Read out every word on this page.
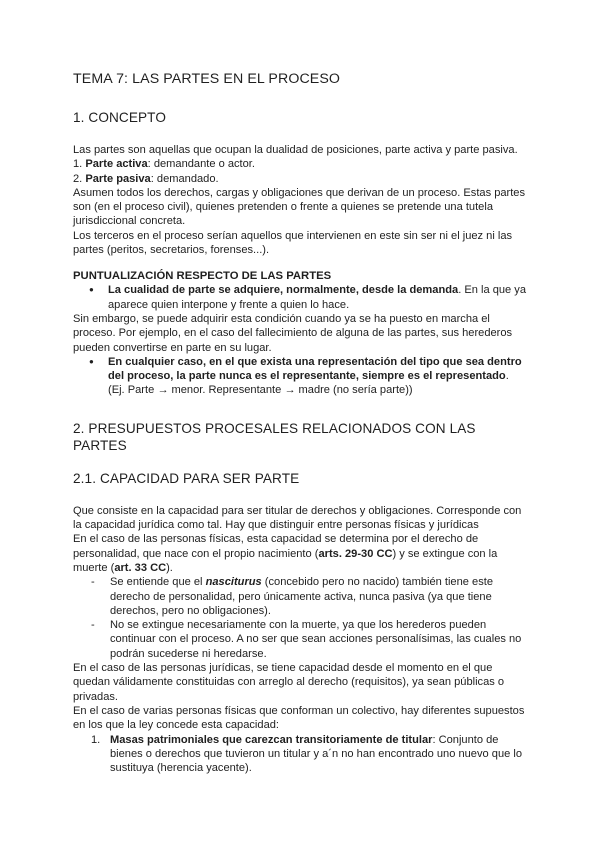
TEMA 7: LAS PARTES EN EL PROCESO
1. CONCEPTO

Las partes son aquellas que ocupan la dualidad de posiciones, parte activa y parte pasiva.

1. Parte activa: demandante o actor.

2. Parte pasiva: demandado.

Asumen todos los derechos, cargas y obligaciones que derivan de un proceso. Estas partes son (en el proceso civil), quienes pretenden o frente a quienes se pretende una tutela jurisdiccional concreta.

Los terceros en el proceso serían aquellos que intervienen en este sin ser ni el juez ni las partes (peritos, secretarios, forenses...).

PUNTUALIZACIÓN RESPECTO DE LAS PARTES
● La cualidad de parte se adquiere, normalmente, desde la demanda. En la que ya aparece quien interpone y frente a quien lo hace.

Sin embargo, se puede adquirir esta condición cuando ya se ha puesto en marcha el proceso. Por ejemplo, en el caso del fallecimiento de alguna de las partes, sus herederos pueden convertirse en parte en su lugar.

● En cualquier caso, en el que exista una representación del tipo que sea dentro del proceso, la parte nunca es el representante, siempre es el representado.
(Ej. Parte → menor. Representante → madre (no sería parte))
2. PRESUPUESTOS PROCESALES RELACIONADOS CON LAS PARTES
2.1. CAPACIDAD PARA SER PARTE

Que consiste en la capacidad para ser titular de derechos y obligaciones. Corresponde con la capacidad jurídica como tal. Hay que distinguir entre personas físicas y jurídicas

En el caso de las personas físicas, esta capacidad se determina por el derecho de personalidad, que nace con el propio nacimiento (arts. 29-30 CC) y se extingue con la muerte (art. 33 CC).

- Se entiende que el nasciturus (concebido pero no nacido) también tiene este derecho de personalidad, pero únicamente activa, nunca pasiva (ya que tiene derechos, pero no obligaciones).
- No se extingue necesariamente con la muerte, ya que los herederos pueden continuar con el proceso. A no ser que sean acciones personalísimas, las cuales no
podrán sucederse ni heredarse.

En el caso de las personas jurídicas, se tiene capacidad desde el momento en el que quedan válidamente constituidas con arreglo al derecho (requisitos), ya sean públicas o privadas.

En el caso de varias personas físicas que conforman un colectivo, hay diferentes supuestos en los que la ley concede esta capacidad:

1. Masas patrimoniales que carezcan transitoriamente de titular: Conjunto de bienes o derechos que tuvieron un titular y a´n no han encontrado uno nuevo que lo sustituya (herencia yacente).
